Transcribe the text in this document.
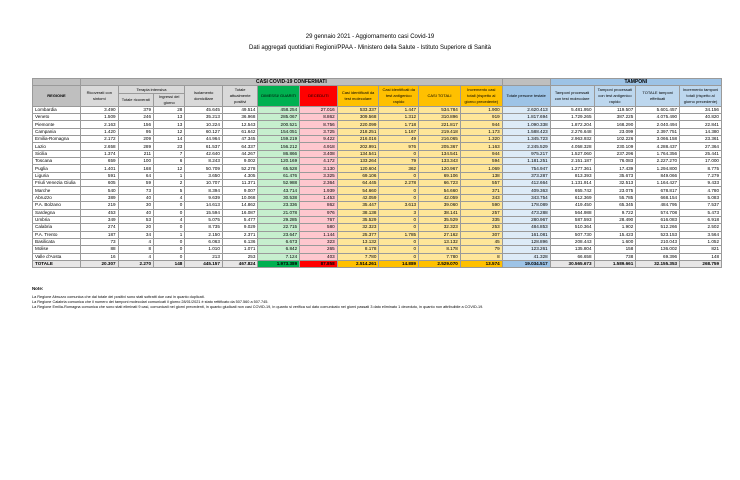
29 gennaio 2021 - Aggiornamento casi Covid-19
Dati aggregati quotidiani Regioni/PPAA - Ministero della Salute - Istituto Superiore di Sanità
	CASI COVID-19 CONFERMATI												TAMPONI			
REGIONE	Ricoverati con sintomi	Terapia intensiva		Isolamento domiciliare	Totale attualmente positivi	DIMESSI/ GUARITI	DECEDUTI	Casi identificati da test molecolare	Casi identificati da test antigenico rapido	CASI TOTALI	Incremento casi totali (rispetto al giorno precedente)	Totale persone testate	Tamponi processati con test molecolare	Tamponi processati con test antigenico rapido	TOTALE tamponi effettuati	Incremento tamponi totali (rispetto al giorno precedente)
		Totale ricoverati	Ingressi del giorno													
Lombardia	3.490	379	28	45.645	49.514	458.254	27.016	533.337	1.447	534.784	1.900	2.620.413	5.481.950	119.507	5.601.457	34.156
Veneto	1.509	246	13	35.213	36.968	285.067	8.862	309.568	1.312	310.896	919	1.817.694	1.729.265	387.225	4.075.490	40.820
Piemonte	2.163	156	13	10.224	12.543	200.521	8.756	220.099	1.718	221.817	944	1.090.338	1.872.204	168.290	2.040.494	22.841
Campania	1.420	95	12	60.127	61.642	154.051	3.725	218.251	1.167	219.418	1.173	1.588.423	2.276.648	23.099	2.397.751	14.380
Emilia-Romagna	2.172	209	14	44.964	47.345	159.219	9.422	216.016	49	216.065	1.320	1.345.723	2.963.932	102.226	3.066.158	23.361
Lazio	2.658	289	23	61.537	64.337	156.212	4.918	202.991	976	205.367	1.163	2.245.529	4.058.328	230.109	4.288.437	27.364
Sicilia	1.374	211	7	42.640	44.267	86.866	3.408	134.541	0	134.541	944	975.217	1.527.060	237.296	1.764.356	25.441
Toscana	659	100	6	8.243	9.002	120.169	4.172	133.264	79	133.343	594	1.181.251	2.151.187	76.083	2.227.270	17.000
Puglia	1.401	168	12	50.709	52.278	65.528	3.130	120.604	362	120.967	1.069	754.947	1.277.361	17.439	1.294.800	8.775
Liguria	591	64	1	3.650	4.305	61.476	3.325	69.106	0	69.106	138	373.287	813.393	35.673	849.066	7.279
Friuli Venezia Giulia	605	59	2	10.707	11.371	52.988	2.364	64.445	2.278	66.723	557	412.664	1.131.914	32.513	1.164.427	9.433
Marche	540	73	5	8.394	9.007	43.714	1.939	54.660	0	54.660	371	409.363	655.742	23.075	678.817	4.780
Abruzzo	389	40	4	9.639	10.068	30.538	1.453	42.059	0	42.059	343	343.754	612.369	55.785	668.154	5.083
P.A. Bolzano	219	30	0	14.613	14.862	23.336	862	35.447	3.613	39.060	590	178.089	419.450	65.345	484.795	7.537
Sardegna	453	40	0	15.594	16.087	21.078	976	38.138	3	38.141	257	473.288	564.988	9.722	574.708	5.473
Umbria	349	53	4	5.075	5.477	29.285	767	35.529	0	35.529	335	280.967	587.593	28.490	616.083	6.918
Calabria	274	20	0	8.735	9.029	22.715	580	32.323	0	32.323	253	484.853	510.364	1.902	512.266	2.502
P.A. Trento	187	34	1	2.150	2.371	23.647	1.144	25.377	1.785	27.162	307	161.081	507.730	15.423	523.153	3.564
Basilicata	73	4	0	6.063	6.136	6.673	323	13.132	0	13.132	45	128.896	208.443	1.600	210.043	1.052
Molise	88	8	0	1.010	1.071	6.842	265	8.178	0	8.178	79	123.261	135.804	158	136.002	821
Valle d'Aosta	16	4	0	213	253	7.124	403	7.780	0	7.780	8	41.328	66.658	738	69.396	148
TOTALE	20.307	2.270	148	445.157	467.824	1.973.389	87.858	2.514.261	14.889	2.529.070	13.574	19.034.517	30.565.673	1.589.661	32.155.353	268.759
Note:
La Regione Abruzzo comunica che dal totale dei positivi sono stati sottratti due casi in quanto duplicati.
La Regione Calabria comunica che il numero dei tamponi molecolari comunicati il giorno 28/01/2021 è stato rettificato da 507.560 a 507.745.
La Regione Emilia-Romagna comunica che sono stati eliminati 9 casi, comunicati nei giorni precedenti, in quanto giudicati non casi COVID-19, in quanto si verifica sul dato comunicato nei giorni passati 3 dato eliminato 1 deceduto, in quanto non attribuibile a COVID-19.
